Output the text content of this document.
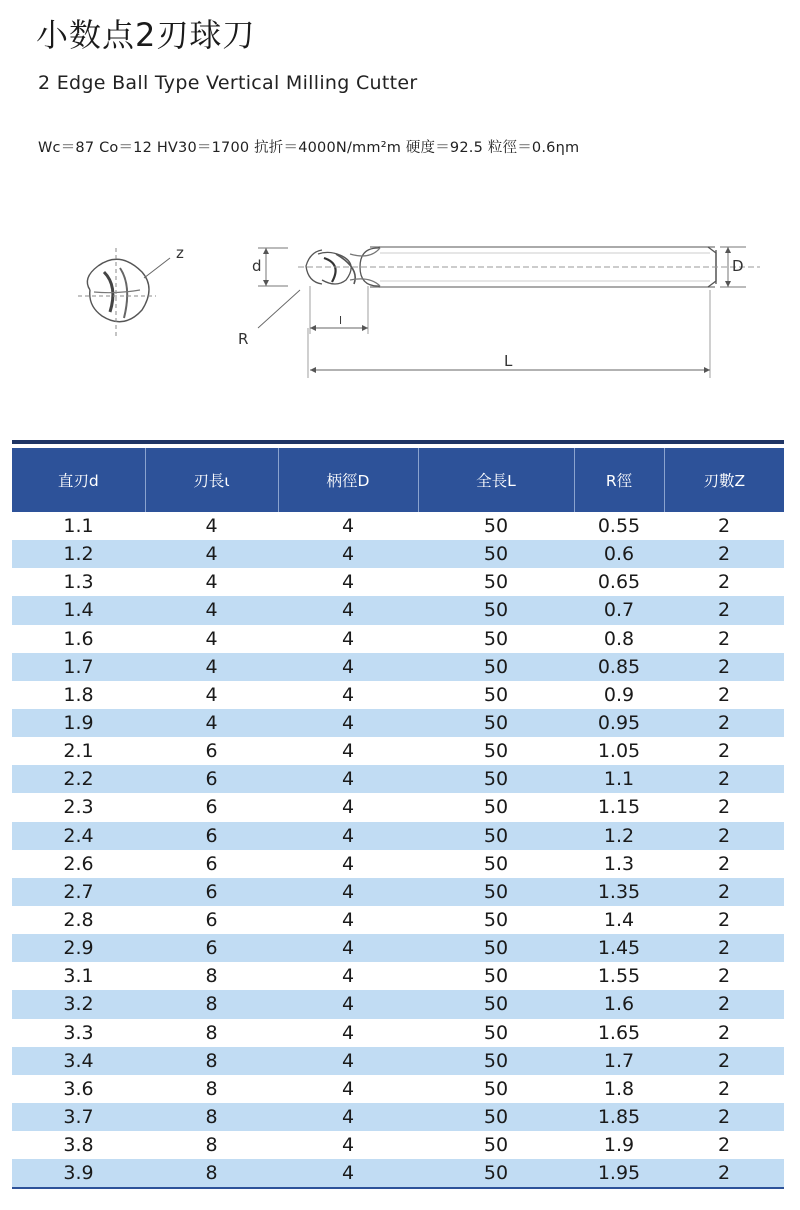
小数点2刃球刀
2 Edge Ball Type Vertical Milling Cutter
Wc＝87 Co＝12 HV30＝1700 抗折＝4000N/mm²m 硬度＝92.5 粒徑＝0.6ηm
z
d	D
R
l
L
直刃d	刃長ι	柄徑D	全長L	R徑	刃數Z
1.1	4	4	50	0.55	2
1.2	4	4	50	0.6	2
1.3	4	4	50	0.65	2
1.4	4	4	50	0.7	2
1.6	4	4	50	0.8	2
1.7	4	4	50	0.85	2
1.8	4	4	50	0.9	2
1.9	4	4	50	0.95	2
2.1	6	4	50	1.05	2
2.2	6	4	50	1.1	2
2.3	6	4	50	1.15	2
2.4	6	4	50	1.2	2
2.6	6	4	50	1.3	2
2.7	6	4	50	1.35	2
2.8	6	4	50	1.4	2
2.9	6	4	50	1.45	2
3.1	8	4	50	1.55	2
3.2	8	4	50	1.6	2
3.3	8	4	50	1.65	2
3.4	8	4	50	1.7	2
3.6	8	4	50	1.8	2
3.7	8	4	50	1.85	2
3.8	8	4	50	1.9	2
3.9	8	4	50	1.95	2
